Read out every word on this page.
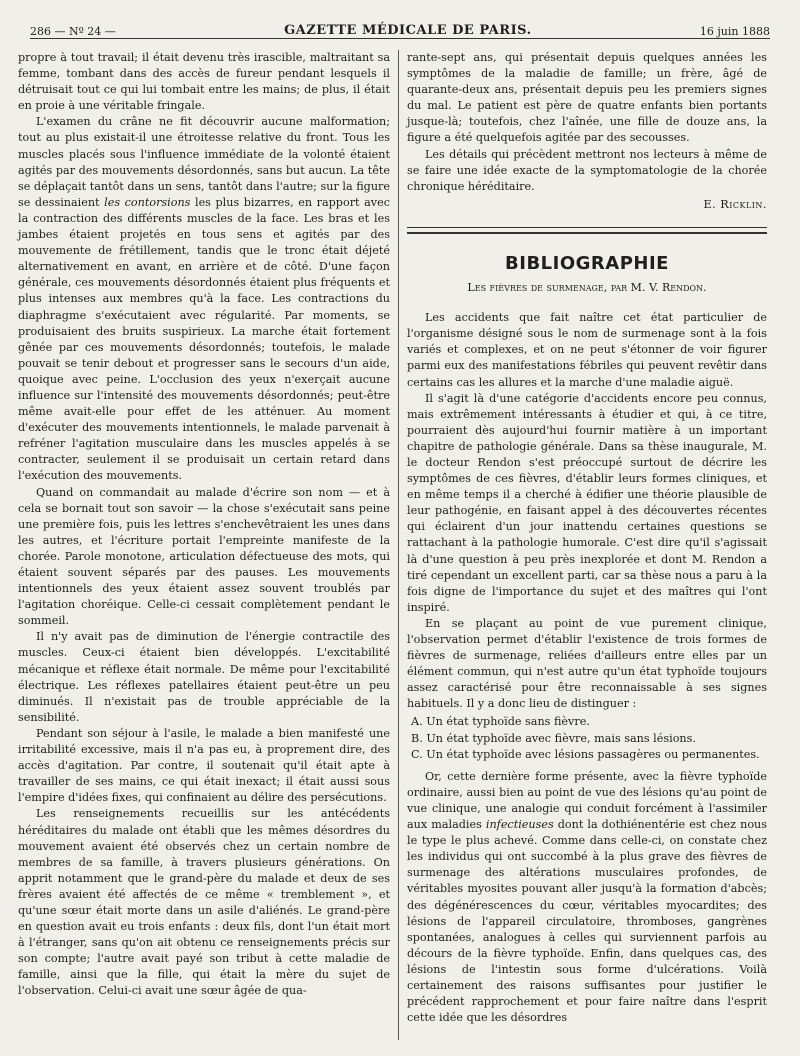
286 — Nº 24 —	GAZETTE MÉDICALE DE PARIS.	16 juin 1888

propre à tout travail; il était devenu très irascible, maltraitant sa femme, tombant dans des accès de fureur pendant lesquels il détruisait tout ce qui lui tombait entre les mains; de plus, il était en proie à une véritable fringale.

L'examen du crâne ne fit découvrir aucune malformation; tout au plus existait-il une étroitesse relative du front. Tous les muscles placés sous l'influence immédiate de la volonté étaient agités par des mouvements désordonnés, sans but aucun. La tête se déplaçait tantôt dans un sens, tantôt dans l'autre; sur la figure se dessinaient les contorsions les plus bizarres, en rapport avec la contraction des différents muscles de la face. Les bras et les jambes étaient projetés en tous sens et agités par des mouvemente de frétillement, tandis que le tronc était déjeté alternativement en avant, en arrière et de côté. D'une façon générale, ces mouvements désordonnés étaient plus fréquents et plus intenses aux membres qu'à la face. Les contractions du diaphragme s'exécutaient avec régularité. Par moments, se produisaient des bruits suspirieux. La marche était fortement gênée par ces mouvements désordonnés; toutefois, le malade pouvait se tenir debout et progresser sans le secours d'un aide, quoique avec peine. L'occlusion des yeux n'exerçait aucune influence sur l'intensité des mouvements désordonnés; peut-être même avait-elle pour effet de les atténuer. Au moment d'exécuter des mouvements intentionnels, le malade parvenait à refréner l'agitation musculaire dans les muscles appelés à se contracter, seulement il se produisait un certain retard dans l'exécution des mouvements.

Quand on commandait au malade d'écrire son nom — et à cela se bornait tout son savoir — la chose s'exécutait sans peine une première fois, puis les lettres s'enchevêtraient les unes dans les autres, et l'écriture portait l'empreinte manifeste de la chorée. Parole monotone, articulation défectueuse des mots, qui étaient souvent séparés par des pauses. Les mouvements intentionnels des yeux étaient assez souvent troublés par l'agitation choréique. Celle-ci cessait complètement pendant le sommeil.

Il n'y avait pas de diminution de l'énergie contractile des muscles. Ceux-ci étaient bien développés. L'excitabilité mécanique et réflexe était normale. De même pour l'excitabilité électrique. Les réflexes patellaires étaient peut-être un peu diminués. Il n'existait pas de trouble appréciable de la sensibilité.

Pendant son séjour à l'asile, le malade a bien manifesté une irritabilité excessive, mais il n'a pas eu, à proprement dire, des accès d'agitation. Par contre, il soutenait qu'il était apte à travailler de ses mains, ce qui était inexact; il était aussi sous l'empire d'idées fixes, qui confinaient au délire des persécutions.

Les renseignements recueillis sur les antécédents héréditaires du malade ont établi que les mêmes désordres du mouvement avaient été observés chez un certain nombre de membres de sa famille, à travers plusieurs générations. On apprit notamment que le grand-père du malade et deux de ses frères avaient été affectés de ce même « tremblement », et qu'une sœur était morte dans un asile d'aliénés. Le grand-père en question avait eu trois enfants : deux fils, dont l'un était mort à l'étranger, sans qu'on ait obtenu ce renseignements précis sur son compte; l'autre avait payé son tribut à cette maladie de famille, ainsi que la fille, qui était la mère du sujet de l'observation. Celui-ci avait une sœur âgée de qua-

rante-sept ans, qui présentait depuis quelques années les symptômes de la maladie de famille; un frère, âgé de quarante-deux ans, présentait depuis peu les premiers signes du mal. Le patient est père de quatre enfants bien portants jusque-là; toutefois, chez l'aînée, une fille de douze ans, la figure a été quelquefois agitée par des secousses.

Les détails qui précèdent mettront nos lecteurs à même de se faire une idée exacte de la symptomatologie de la chorée chronique héréditaire.

E. Ricklin.
BIBLIOGRAPHIE
Les fièvres de surmenage, par M. V. Rendon.

Les accidents que fait naître cet état particulier de l'organisme désigné sous le nom de surmenage sont à la fois variés et complexes, et on ne peut s'étonner de voir figurer parmi eux des manifestations fébriles qui peuvent revêtir dans certains cas les allures et la marche d'une maladie aiguë.

Il s'agit là d'une catégorie d'accidents encore peu connus, mais extrêmement intéressants à étudier et qui, à ce titre, pourraient dès aujourd'hui fournir matière à un important chapitre de pathologie générale. Dans sa thèse inaugurale, M. le docteur Rendon s'est préoccupé surtout de décrire les symptômes de ces fièvres, d'établir leurs formes cliniques, et en même temps il a cherché à édifier une théorie plausible de leur pathogénie, en faisant appel à des découvertes récentes qui éclairent d'un jour inattendu certaines questions se rattachant à la pathologie humorale. C'est dire qu'il s'agissait là d'une question à peu près inexplorée et dont M. Rendon a tiré cependant un excellent parti, car sa thèse nous a paru à la fois digne de l'importance du sujet et des maîtres qui l'ont inspiré.

En se plaçant au point de vue purement clinique, l'observation permet d'établir l'existence de trois formes de fièvres de surmenage, reliées d'ailleurs entre elles par un élément commun, qui n'est autre qu'un état typhoïde toujours assez caractérisé pour être reconnaissable à ses signes habituels. Il y a donc lieu de distinguer :

A. Un état typhoïde sans fièvre.
B. Un état typhoïde avec fièvre, mais sans lésions.
C. Un état typhoïde avec lésions passagères ou permanentes.

Or, cette dernière forme présente, avec la fièvre typhoïde ordinaire, aussi bien au point de vue des lésions qu'au point de vue clinique, une analogie qui conduit forcément à l'assimiler aux maladies infectieuses dont la dothiénentérie est chez nous le type le plus achevé. Comme dans celle-ci, on constate chez les individus qui ont succombé à la plus grave des fièvres de surmenage des altérations musculaires profondes, de véritables myosites pouvant aller jusqu'à la formation d'abcès; des dégénérescences du cœur, véritables myocardites; des lésions de l'appareil circulatoire, thromboses, gangrènes spontanées, analogues à celles qui surviennent parfois au décours de la fièvre typhoïde. Enfin, dans quelques cas, des lésions de l'intestin sous forme d'ulcérations. Voilà certainement des raisons suffisantes pour justifier le précédent rapprochement et pour faire naître dans l'esprit cette idée que les désordres
